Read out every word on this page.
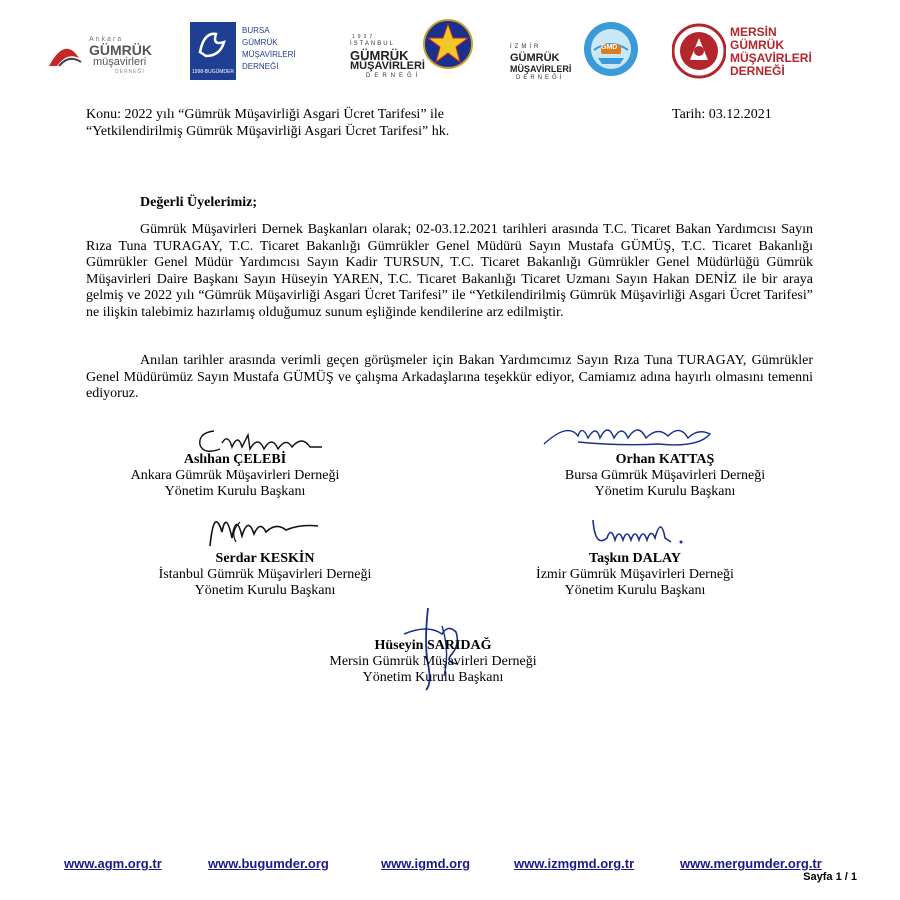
Ankara
GÜMRÜK
müşavirleri
DERNEĞİ	1998-BUGÜMDER
BURSA
GÜMRÜK
MÜŞAVİRLERİ
DERNEĞİ
1927
İSTANBUL
GÜMRÜK
MÜŞAVİRLERİ
DERNEĞİ
İZMİR
GÜMRÜK
MÜŞAVİRLERİ
DERNEĞİ
GMD
MERSİN
GÜMRÜK
MÜŞAVİRLERİ
DERNEĞİ
Konu: 2022 yılı “Gümrük Müşavirliği Asgari Ücret Tarifesi” ile
“Yetkilendirilmiş Gümrük Müşavirliği Asgari Ücret Tarifesi” hk.
Tarih: 03.12.2021
Değerli Üyelerimiz;
Gümrük Müşavirleri Dernek Başkanları olarak; 02-03.12.2021 tarihleri arasında T.C. Ticaret Bakan Yardımcısı Sayın Rıza Tuna TURAGAY, T.C. Ticaret Bakanlığı Gümrükler Genel Müdürü Sayın Mustafa GÜMÜŞ, T.C. Ticaret Bakanlığı Gümrükler Genel Müdür Yardımcısı Sayın Kadir TURSUN, T.C. Ticaret Bakanlığı Gümrükler Genel Müdürlüğü Gümrük Müşavirleri Daire Başkanı Sayın Hüseyin YAREN, T.C. Ticaret Bakanlığı Ticaret Uzmanı Sayın Hakan DENİZ ile bir araya gelmiş ve 2022 yılı “Gümrük Müşavirliği Asgari Ücret Tarifesi” ile “Yetkilendirilmiş Gümrük Müşavirliği Asgari Ücret Tarifesi” ne ilişkin talebimiz hazırlamış olduğumuz sunum eşliğinde kendilerine arz edilmiştir.
Anılan tarihler arasında verimli geçen görüşmeler için Bakan Yardımcımız Sayın Rıza Tuna TURAGAY, Gümrükler Genel Müdürümüz Sayın Mustafa GÜMÜŞ ve çalışma Arkadaşlarına teşekkür ediyor, Camiamız adına hayırlı olmasını temenni ediyoruz.
Aslıhan ÇELEBİ
Ankara Gümrük Müşavirleri Derneği
Yönetim Kurulu Başkanı
Orhan KATTAŞ
Bursa Gümrük Müşavirleri Derneği
Yönetim Kurulu Başkanı
Serdar KESKİN
İstanbul Gümrük Müşavirleri Derneği
Yönetim Kurulu Başkanı
Taşkın DALAY
İzmir Gümrük Müşavirleri Derneği
Yönetim Kurulu Başkanı
Hüseyin SARIDAĞ
Mersin Gümrük Müşavirleri Derneği
Yönetim Kurulu Başkanı
www.agm.org.tr	www.bugumder.org	www.igmd.org	www.izmgmd.org.tr	www.mergumder.org.tr
Sayfa 1 / 1
